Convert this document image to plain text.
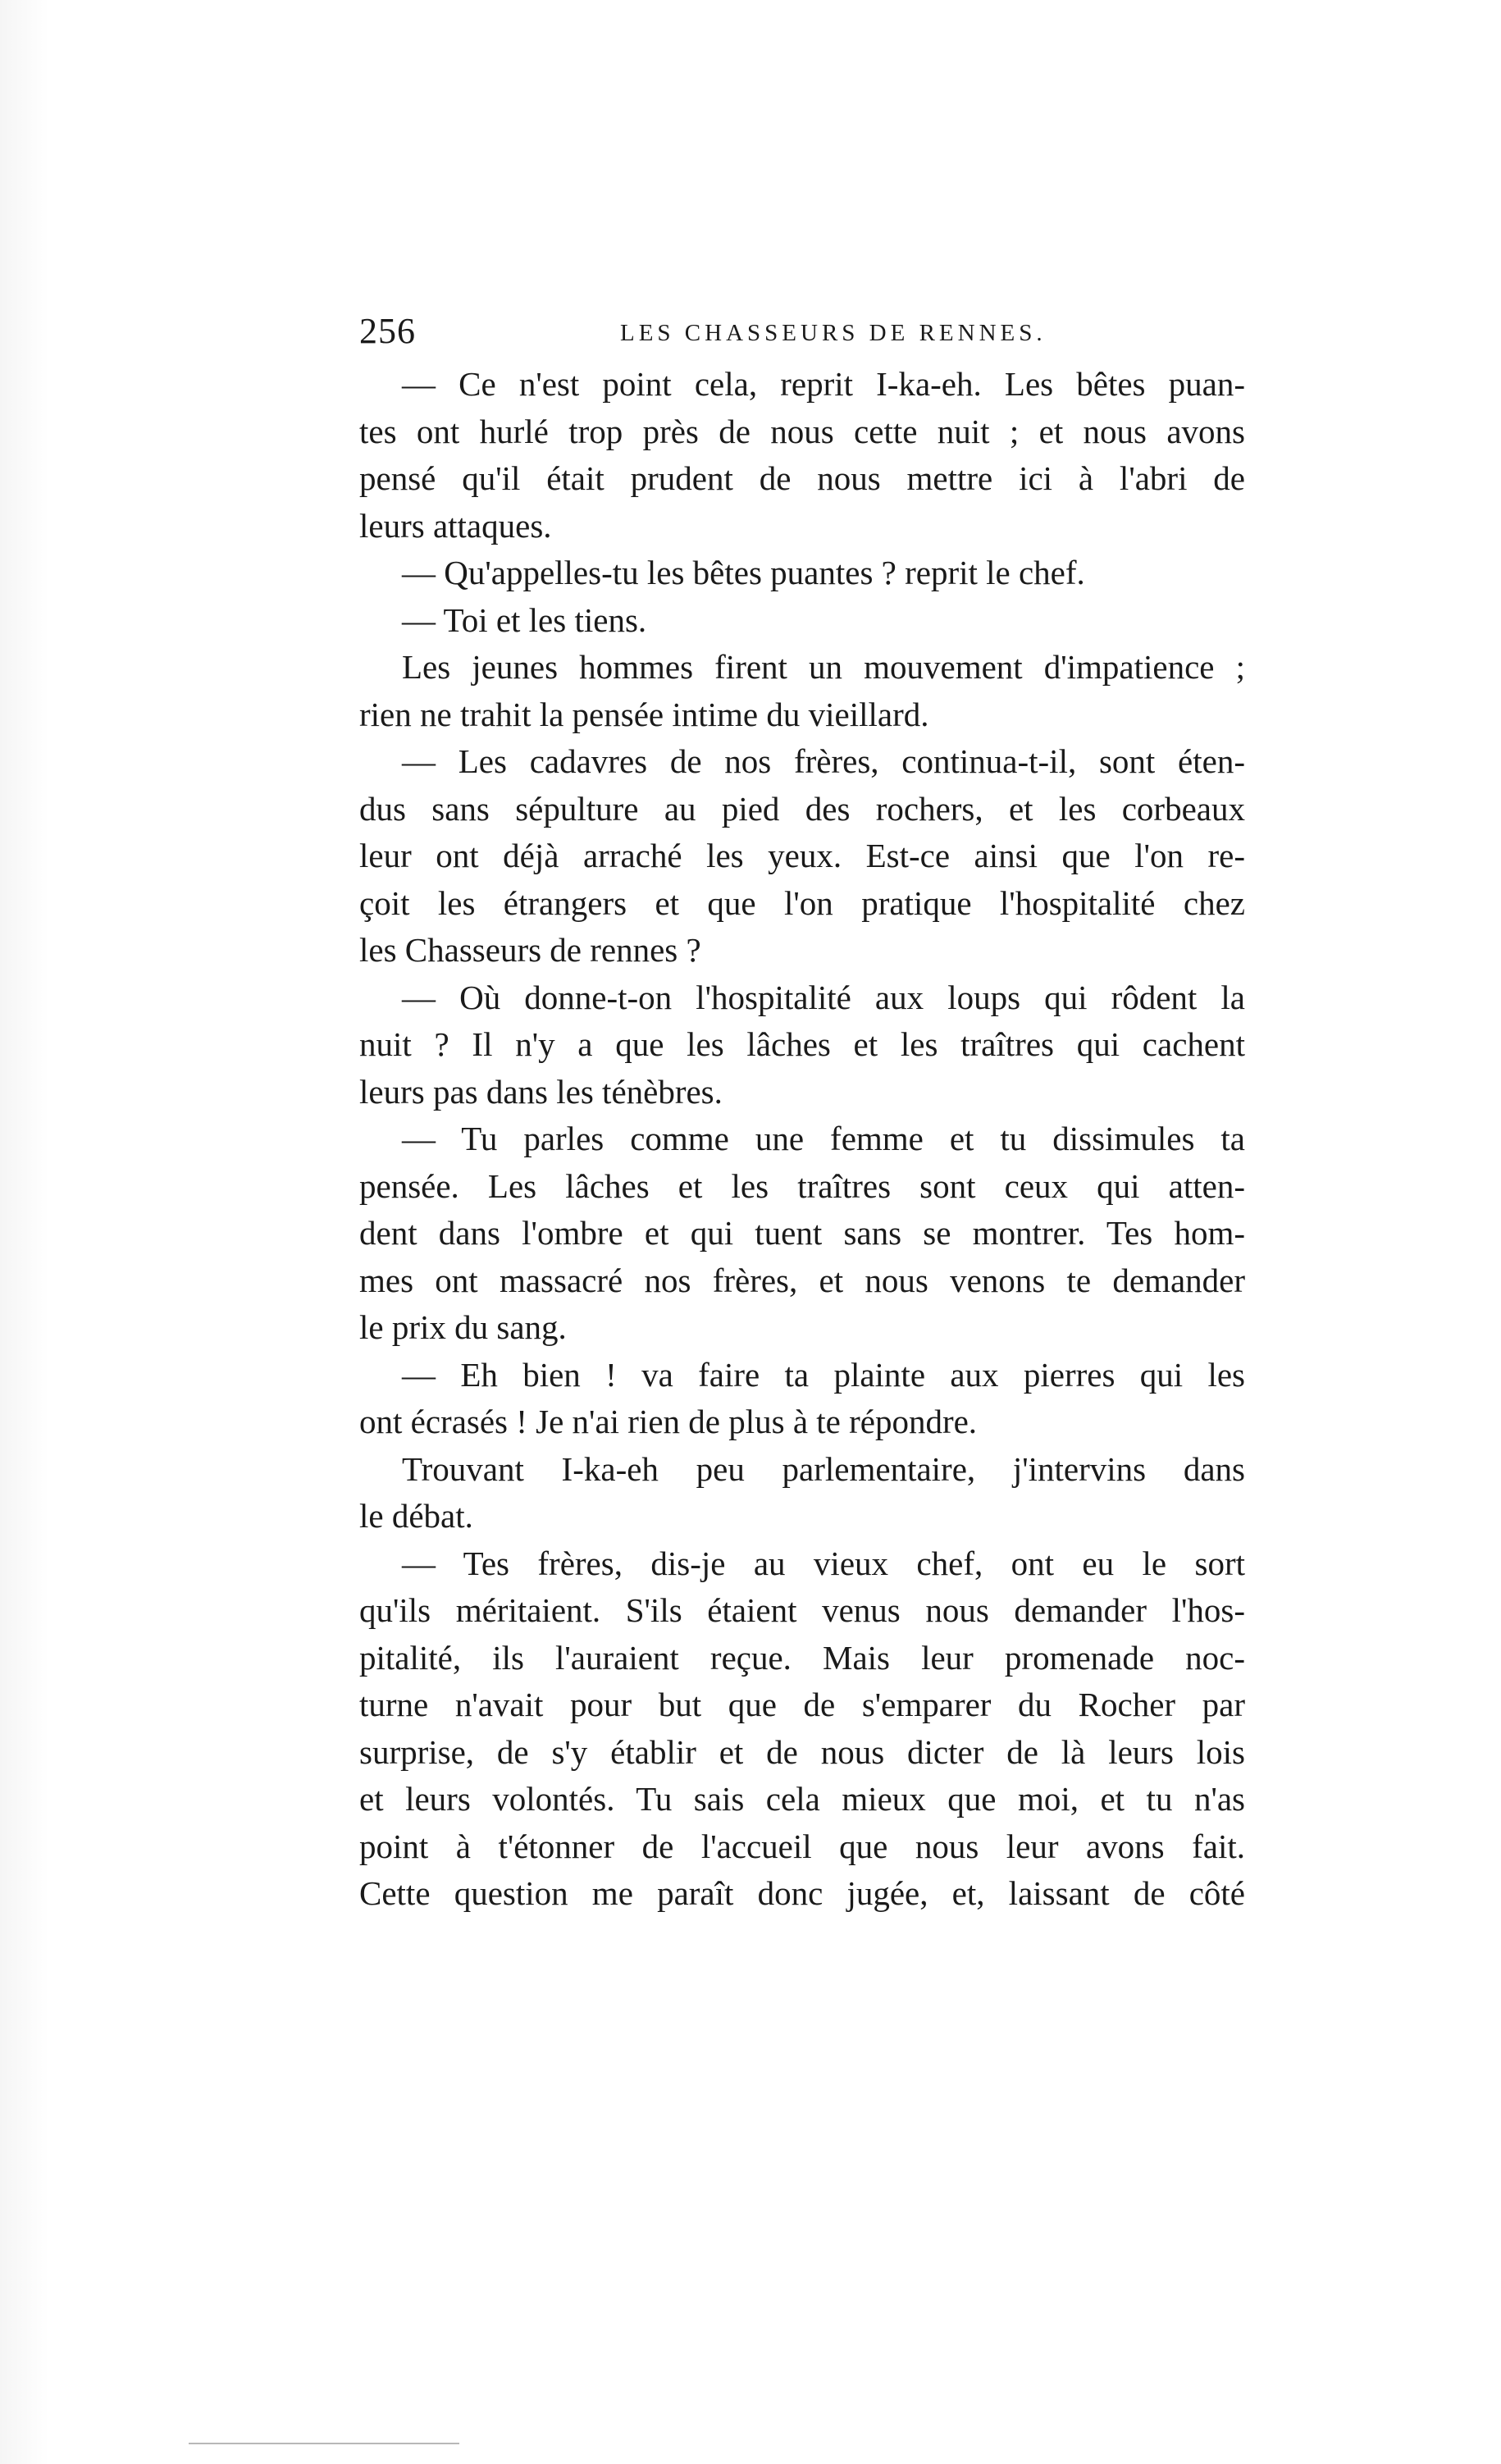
256	LES CHASSEURS DE RENNES.
— Ce n'est point cela, reprit I-ka-eh. Les bêtes puan-
tes ont hurlé trop près de nous cette nuit ; et nous avons
pensé qu'il était prudent de nous mettre ici à l'abri de
leurs attaques.
— Qu'appelles-tu les bêtes puantes ? reprit le chef.
— Toi et les tiens.
Les jeunes hommes firent un mouvement d'impatience ;
rien ne trahit la pensée intime du vieillard.
— Les cadavres de nos frères, continua-t-il, sont éten-
dus sans sépulture au pied des rochers, et les corbeaux
leur ont déjà arraché les yeux. Est-ce ainsi que l'on re-
çoit les étrangers et que l'on pratique l'hospitalité chez
les Chasseurs de rennes ?
— Où donne-t-on l'hospitalité aux loups qui rôdent la
nuit ? Il n'y a que les lâches et les traîtres qui cachent
leurs pas dans les ténèbres.
— Tu parles comme une femme et tu dissimules ta
pensée. Les lâches et les traîtres sont ceux qui atten-
dent dans l'ombre et qui tuent sans se montrer. Tes hom-
mes ont massacré nos frères, et nous venons te demander
le prix du sang.
— Eh bien ! va faire ta plainte aux pierres qui les
ont écrasés ! Je n'ai rien de plus à te répondre.
Trouvant I-ka-eh peu parlementaire, j'intervins dans
le débat.
— Tes frères, dis-je au vieux chef, ont eu le sort
qu'ils méritaient. S'ils étaient venus nous demander l'hos-
pitalité, ils l'auraient reçue. Mais leur promenade noc-
turne n'avait pour but que de s'emparer du Rocher par
surprise, de s'y établir et de nous dicter de là leurs lois
et leurs volontés. Tu sais cela mieux que moi, et tu n'as
point à t'étonner de l'accueil que nous leur avons fait.
Cette question me paraît donc jugée, et, laissant de côté
